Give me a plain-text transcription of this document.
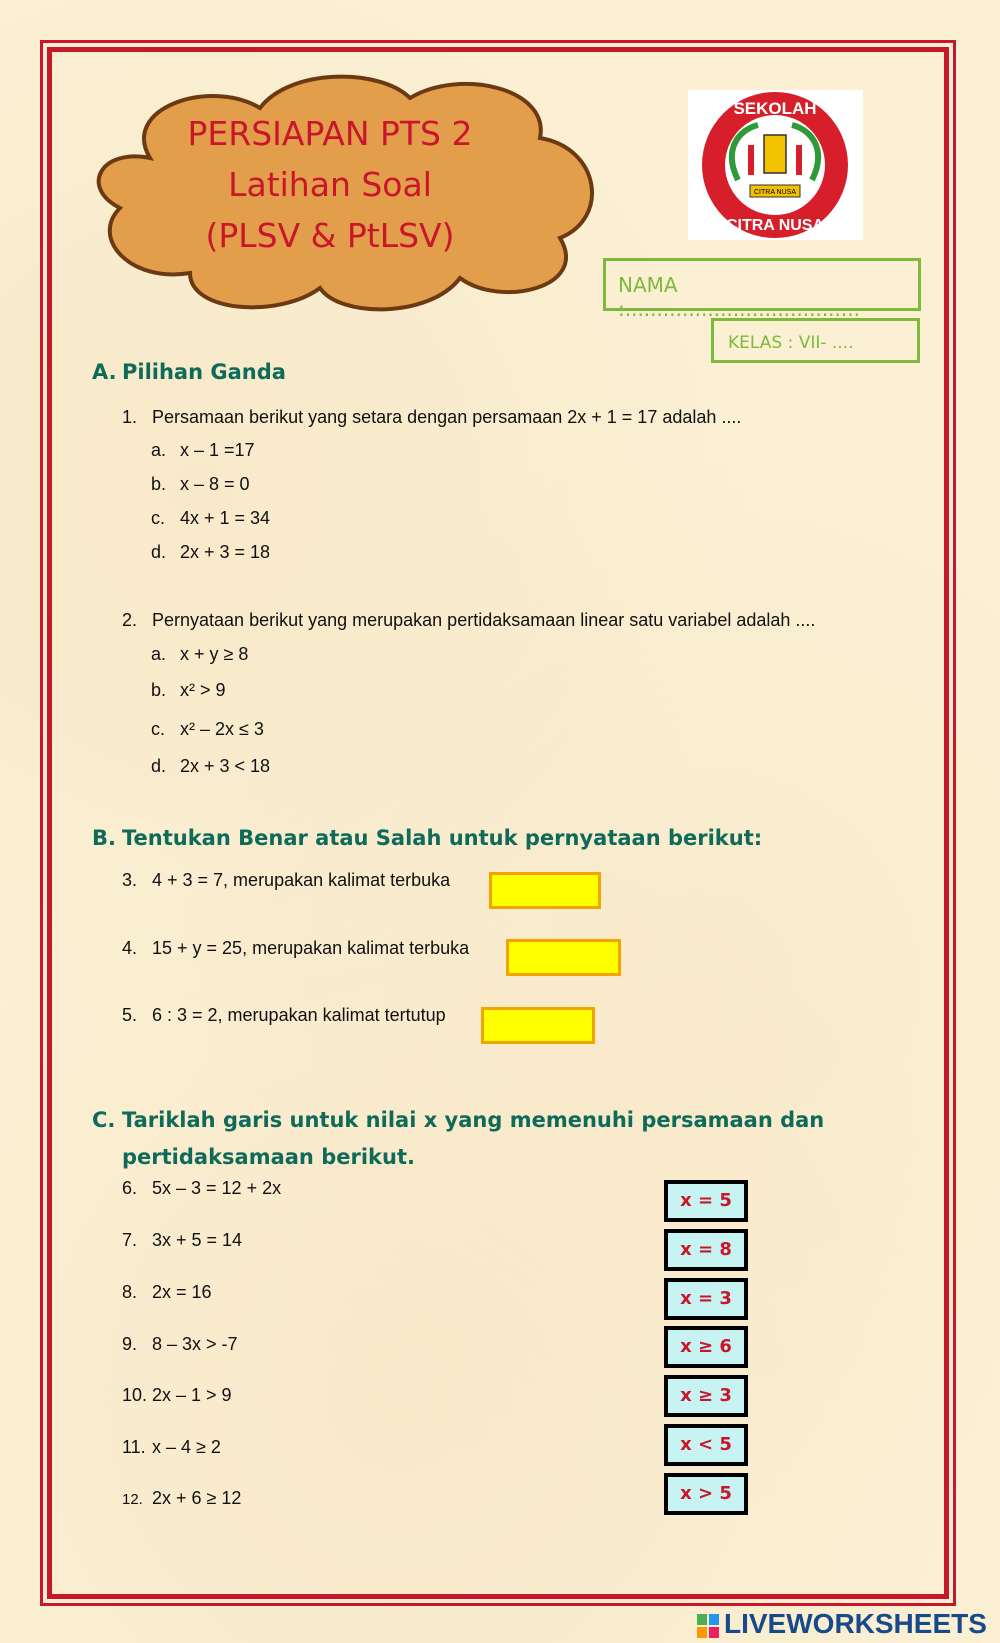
PERSIAPAN PTS 2
Latihan Soal
(PLSV & PtLSV)
SEKOLAH
CITRA NUSA
CITRA NUSA
NAMA :.....................................
KELAS : VII- ....
A. Pilihan Ganda
1. Persamaan berikut yang setara dengan persamaan 2x + 1 = 17 adalah ....
a. x – 1 =17
b. x – 8 = 0
c. 4x + 1 = 34
d. 2x + 3 = 18
2. Pernyataan berikut yang merupakan pertidaksamaan linear satu variabel adalah ....
a. x + y ≥ 8
b. x² > 9
c. x² – 2x ≤ 3
d. 2x + 3 < 18
B. Tentukan Benar atau Salah untuk pernyataan berikut:
3. 4 + 3 = 7, merupakan kalimat terbuka
4. 15 + y = 25, merupakan kalimat terbuka
5. 6 : 3 = 2, merupakan kalimat tertutup
C. Tariklah garis untuk nilai x yang memenuhi persamaan dan
pertidaksamaan berikut.
6. 5x – 3 = 12 + 2x
7. 3x + 5 = 14
8. 2x = 16
9. 8 – 3x > -7
10. 2x – 1 > 9
11. x – 4 ≥ 2
12. 2x + 6 ≥ 12
x = 5
x = 8
x = 3
x ≥ 6
x ≥ 3
x < 5
x > 5
LIVEWORKSHEETS
